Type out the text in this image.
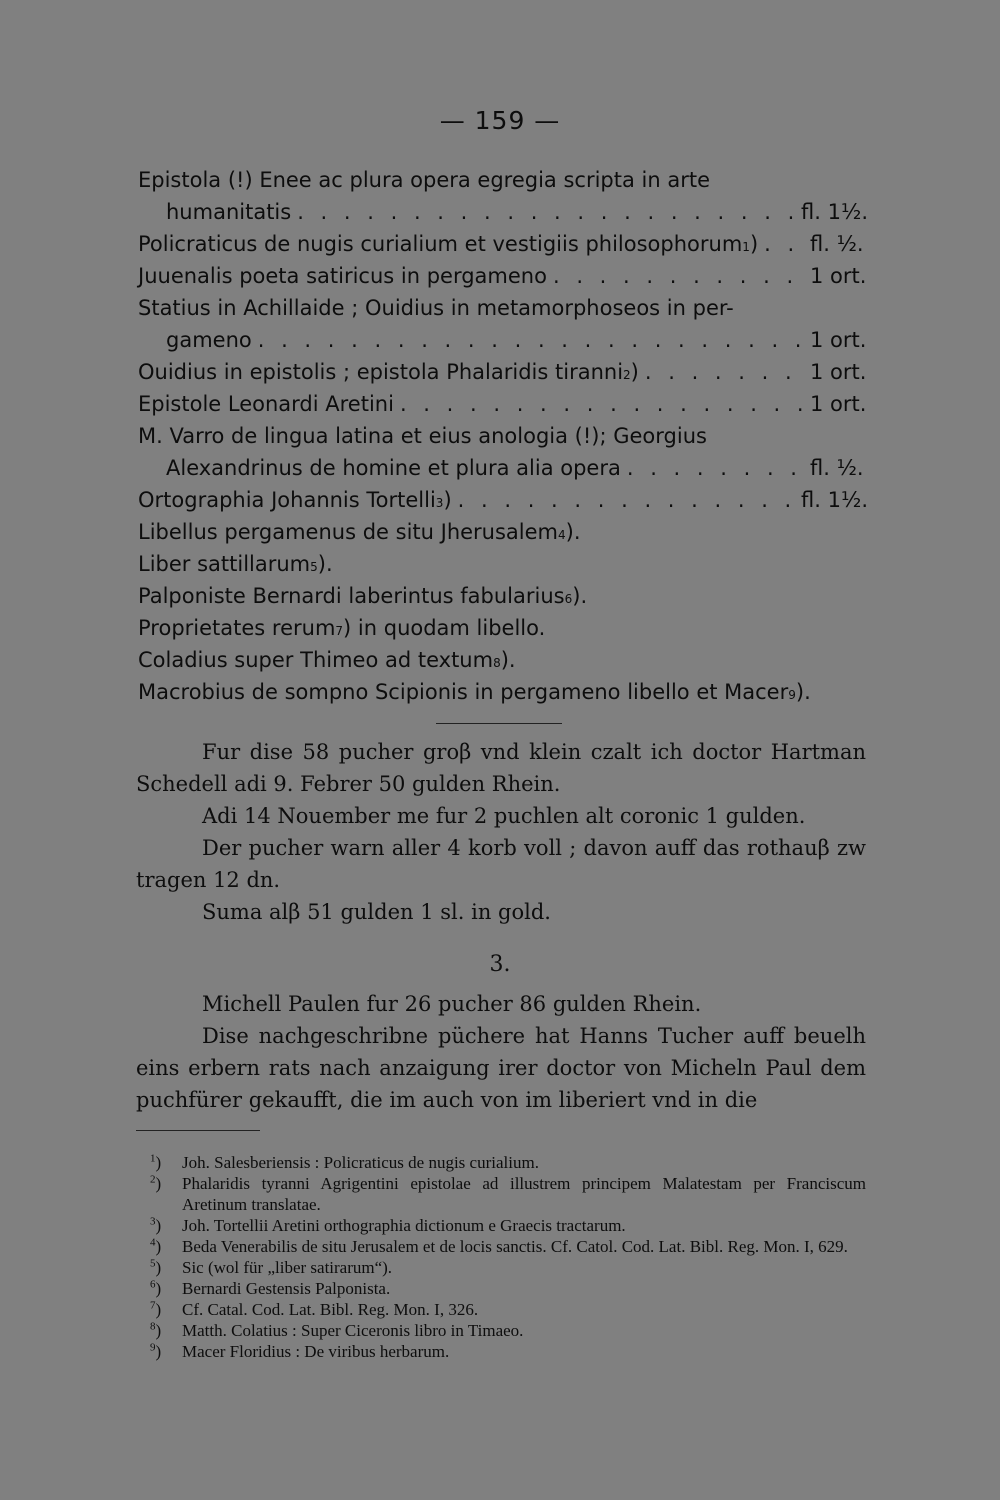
— 159 —
Epistola (!) Enee ac plura opera egregia scripta in arte
humanitatis . . .	fl. 1½.
Policraticus de nugis curialium et vestigiis philosophorum 1 ) . . . fl. ½.
Juuenalis poeta satiricus in pergameno . . .	1 ort.
Statius in Achillaide ; Ouidius in metamorphoseos in per-
gameno . . .	1 ort.
Ouidius in epistolis ; epistola Phalaridis tiranni 2 ) . . .	1 ort.
Epistole Leonardi Aretini . . .	1 ort.
M. Varro de lingua latina et eius anologia (!); Georgius
Alexandrinus de homine et plura alia opera . . .	fl. ½.
Ortographia Johannis Tortelli 3 ) . . .	fl. 1½.
Libellus pergamenus de situ Jherusalem 4 ).
Liber sattillarum 5 ).
Palponiste Bernardi laberintus fabularius 6 ).
Proprietates rerum 7 ) in quodam libello.
Coladius super Thimeo ad textum 8 ).
Macrobius de sompno Scipionis in pergameno libello et Macer 9 ).

Fur dise 58 pucher groβ vnd klein czalt ich doctor Hartman Schedell adi 9. Febrer 50 gulden Rhein.

Adi 14 Nouember me fur 2 puchlen alt coronic 1 gulden.

Der pucher warn aller 4 korb voll ; davon auff das rothauβ zw tragen 12 dn.

Suma alβ 51 gulden 1 sl. in gold.

3.

Michell Paulen fur 26 pucher 86 gulden Rhein.

Dise nachgeschribne püchere hat Hanns Tucher auff beuelh eins erbern rats nach anzaigung irer doctor von Micheln Paul dem puchfürer gekaufft, die im auch von im liberiert vnd in die

$^1$)	Joh. Salesberiensis : Policraticus de nugis curialium.
$^2$)	Phalaridis tyranni Agrigentini epistolae ad illustrem principem Malatestam per Franciscum Aretinum translatae.
$^3$)	Joh. Tortellii Aretini orthographia dictionum e Graecis tractarum.
$^4$)	Beda Venerabilis de situ Jerusalem et de locis sanctis. Cf. Catol. Cod. Lat. Bibl. Reg. Mon. I, 629.
$^5$)	Sic (wol für „liber satirarum“).
$^6$)	Bernardi Gestensis Palponista.
$^7$)	Cf. Catal. Cod. Lat. Bibl. Reg. Mon. I, 326.
$^8$)	Matth. Colatius : Super Ciceronis libro in Timaeo.
$^9$)	Macer Floridius : De viribus herbarum.
